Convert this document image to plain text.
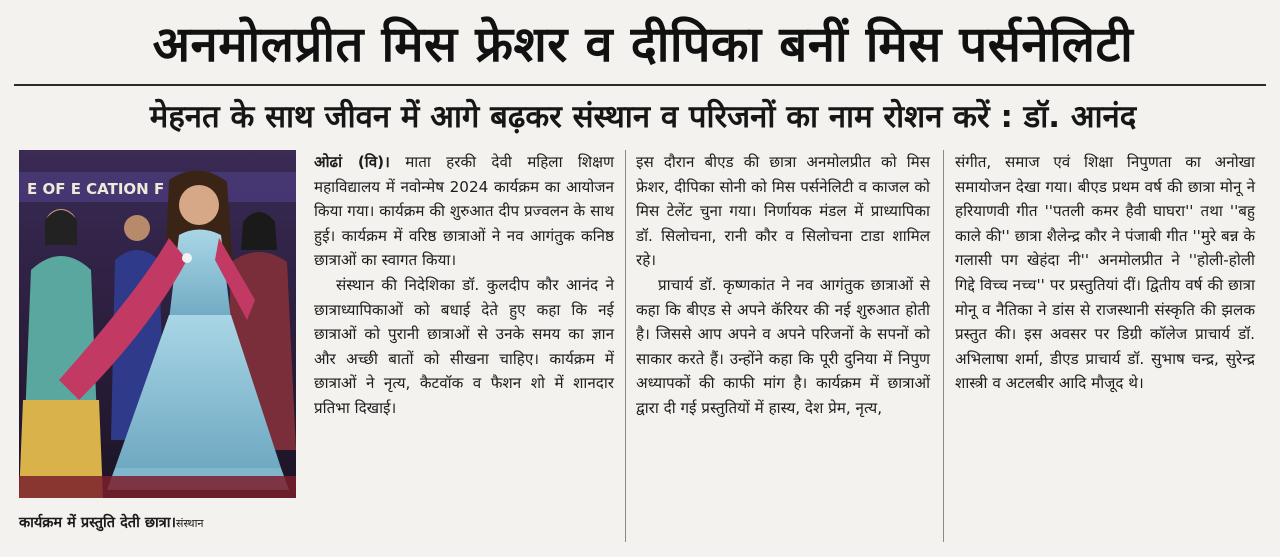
अनमोलप्रीत मिस फ्रेशर व दीपिका बनीं मिस पर्सनेलिटी
मेहनत के साथ जीवन में आगे बढ़कर संस्थान व परिजनों का नाम रोशन करें : डॉ. आनंद
E OF E CATION F
कार्यक्रम में प्रस्तुति देती छात्रा।संस्थान

ओढां (वि)। माता हरकी देवी महिला शिक्षण महाविद्यालय में नवोन्मेष 2024 कार्यक्रम का आयोजन किया गया। कार्यक्रम की शुरुआत दीप प्रज्वलन के साथ हुई। कार्यक्रम में वरिष्ठ छात्राओं ने नव आगंतुक कनिष्ठ छात्राओं का स्वागत किया।

संस्थान की निदेशिका डॉ. कुलदीप कौर आनंद ने छात्राध्यापिकाओं को बधाई देते हुए कहा कि नई छात्राओं को पुरानी छात्राओं से उनके समय का ज्ञान और अच्छी बातों को सीखना चाहिए। कार्यक्रम में छात्राओं ने नृत्य, कैटवॉक व फैशन शो में शानदार प्रतिभा दिखाई।

इस दौरान बीएड की छात्रा अनमोलप्रीत को मिस फ्रेशर, दीपिका सोनी को मिस पर्सनेलिटी व काजल को मिस टेलेंट चुना गया। निर्णायक मंडल में प्राध्यापिका डॉ. सिलोचना, रानी कौर व सिलोचना टाडा शामिल रहे।

प्राचार्य डॉ. कृष्णकांत ने नव आगंतुक छात्राओं से कहा कि बीएड से अपने कॅरियर की नई शुरुआत होती है। जिससे आप अपने व अपने परिजनों के सपनों को साकार करते हैं। उन्होंने कहा कि पूरी दुनिया में निपुण अध्यापकों की काफी मांग है। कार्यक्रम में छात्राओं द्वारा दी गई प्रस्तुतियों में हास्य, देश प्रेम, नृत्य,

संगीत, समाज एवं शिक्षा निपुणता का अनोखा समायोजन देखा गया। बीएड प्रथम वर्ष की छात्रा मोनू ने हरियाणवी गीत ''पतली कमर हैवी घाघरा'' तथा ''बहु काले की'' छात्रा शैलेन्द्र कौर ने पंजाबी गीत ''मुरे बन्न के गलासी पग खेहंदा नी'' अनमोलप्रीत ने ''होली-होली गिद्दे विच्च नच्च'' पर प्रस्तुतियां दीं। द्वितीय वर्ष की छात्रा मोनू व नैतिका ने डांस से राजस्थानी संस्कृति की झलक प्रस्तुत की। इस अवसर पर डिग्री कॉलेज प्राचार्य डॉ. अभिलाषा शर्मा, डीएड प्राचार्य डॉ. सुभाष चन्द्र, सुरेन्द्र शास्त्री व अटलबीर आदि मौजूद थे।
